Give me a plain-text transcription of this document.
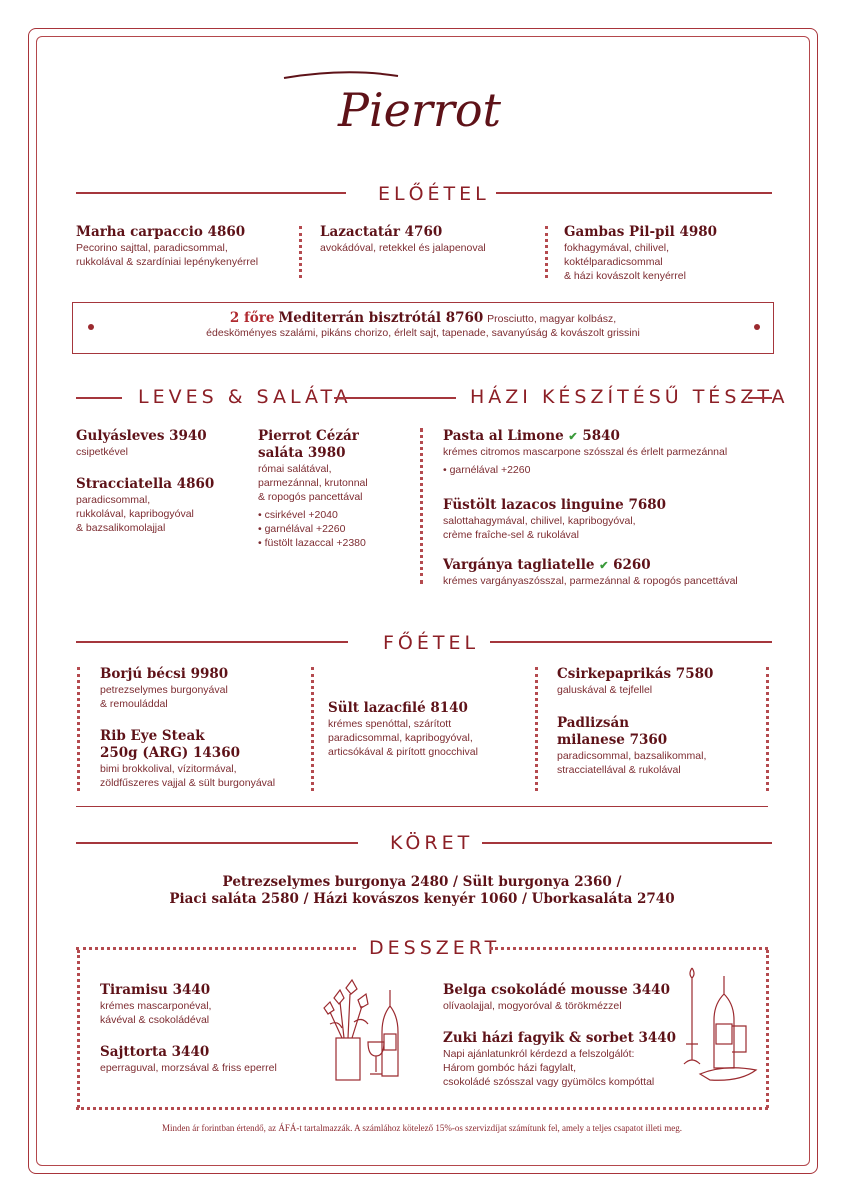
Pierrot
ELŐÉTEL
Marha carpaccio 4860
Pecorino sajttal, paradicsommal,
rukkolával & szardíniai lepénykenyérrel
Lazactatár 4760
avokádóval, retekkel és jalapenoval
Gambas Pil-pil 4980
fokhagymával, chilivel,
koktélparadicsommal
& házi kovászolt kenyérrel
2 főre Mediterrán bisztrótál 8760 Prosciutto, magyar kolbász,
édesköményes szalámi, pikáns chorizo, érlelt sajt, tapenade, savanyúság & kovászolt grissini
LEVES & SALÁTA	HÁZI KÉSZÍTÉSŰ TÉSZTA
Gulyásleves 3940
csipetkével
Stracciatella 4860
paradicsommal,
rukkolával, kapribogyóval
& bazsalikomolajjal
Pierrot Cézár
saláta 3980
római salátával,
parmezánnal, krutonnal
& ropogós pancettával
• csirkével +2040
• garnélával +2260
• füstölt lazaccal +2380
Pasta al Limone ✔ 5840
krémes citromos mascarpone szósszal és érlelt parmezánnal
• garnélával +2260
Füstölt lazacos linguine 7680
salottahagymával, chilivel, kapribogyóval,
crème fraîche-sel & rukolával
Vargánya tagliatelle ✔ 6260
krémes vargányaszósszal, parmezánnal & ropogós pancettával
FŐÉTEL
Borjú bécsi 9980
petrezselymes burgonyával
& remouláddal
Rib Eye Steak
250g (ARG) 14360
bimi brokkolival, vízitormával,
zöldfűszeres vajjal & sült burgonyával
Sült lazacfilé 8140
krémes spenóttal, szárított
paradicsommal, kapribogyóval,
articsókával & pirított gnocchival
Csirkepaprikás 7580
galuskával & tejfellel
Padlizsán
milanese 7360
paradicsommal, bazsalikommal,
stracciatellával & rukolával
KÖRET
Petrezselymes burgonya 2480 / Sült burgonya 2360 /
Piaci saláta 2580 / Házi kovászos kenyér 1060 / Uborkasaláta 2740
DESSZERT
Tiramisu 3440
krémes mascarponéval,
kávéval & csokoládéval
Sajttorta 3440
eperraguval, morzsával & friss eperrel
Belga csokoládé mousse 3440
olívaolajjal, mogyoróval & törökmézzel
Zuki házi fagyik & sorbet 3440
Napi ajánlatunkról kérdezd a felszolgálót:
Három gombóc házi fagylalt,
csokoládé szósszal vagy gyümölcs kompóttal
Minden ár forintban értendő, az ÁFÁ-t tartalmazzák. A számlához kötelező 15%-os szervizdíjat számítunk fel, amely a teljes csapatot illeti meg.
